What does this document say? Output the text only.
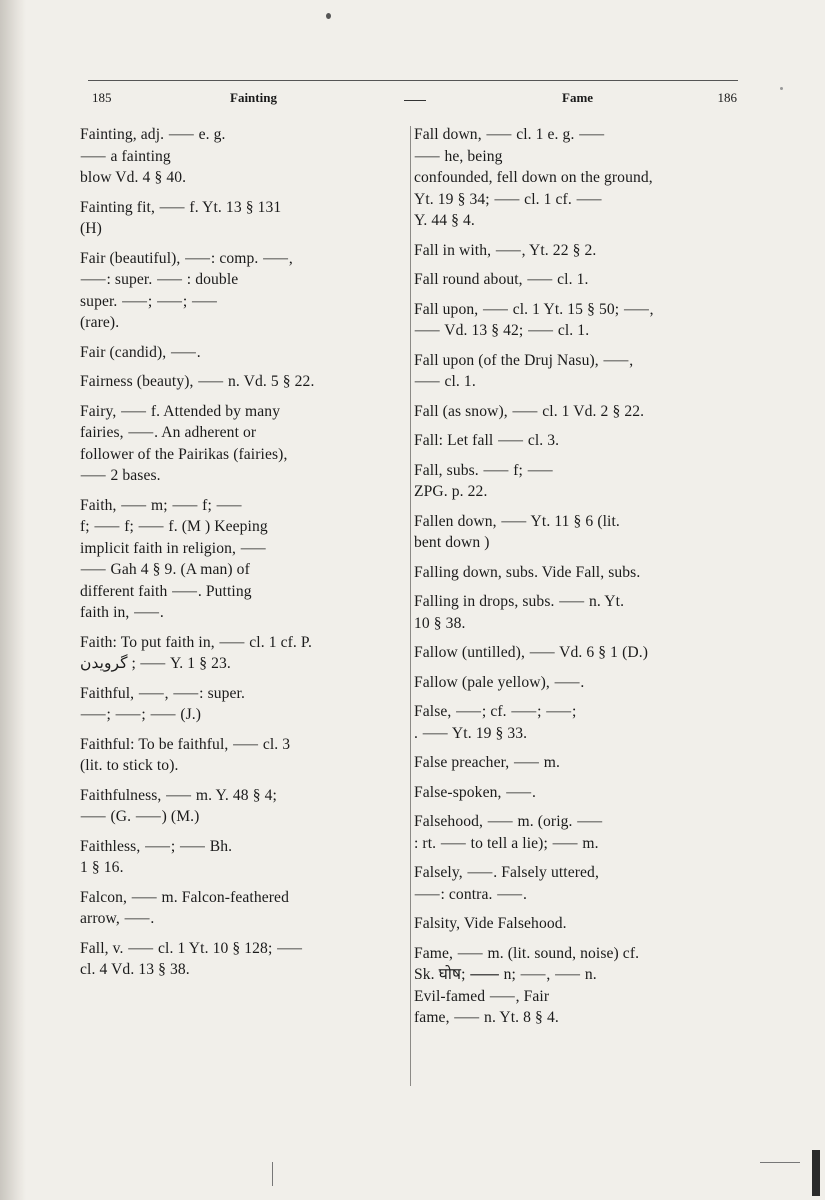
185	Fainting	Fame	186
Fainting, adj. ⸺ e. g.
⸺ a fainting
blow Vd. 4 § 40.
Fainting fit, ⸺ f. Yt. 13 § 131
(H)
Fair (beautiful), ⸺: comp. ⸺,
⸺: super. ⸺ : double
super. ⸺; ⸺; ⸺
(rare).
Fair (candid), ⸺.
Fairness (beauty), ⸺ n. Vd. 5 § 22.
Fairy, ⸺ f. Attended by many
fairies, ⸺. An adherent or
follower of the Pairikas (fairies),
⸺ 2 bases.
Faith, ⸺ m; ⸺ f; ⸺
f; ⸺ f; ⸺ f. (M ) Keeping
implicit faith in religion, ⸺
⸺ Gah 4 § 9. (A man) of
different faith ⸺. Putting
faith in, ⸺.
Faith: To put faith in, ⸺ cl. 1 cf. P.
گرویدن ; ⸺ Y. 1 § 23.
Faithful, ⸺, ⸺: super.
⸺; ⸺; ⸺ (J.)
Faithful: To be faithful, ⸺ cl. 3
(lit. to stick to).
Faithfulness, ⸺ m. Y. 48 § 4;
⸺ (G. ⸺) (M.)
Faithless, ⸺; ⸺ Bh.
1 § 16.
Falcon, ⸺ m. Falcon-feathered
arrow, ⸺.
Fall, v. ⸺ cl. 1 Yt. 10 § 128; ⸺
cl. 4 Vd. 13 § 38.
Fall down, ⸺ cl. 1 e. g. ⸺
⸺ he, being
confounded, fell down on the ground,
Yt. 19 § 34; ⸺ cl. 1 cf. ⸺
Y. 44 § 4.
Fall in with, ⸺, Yt. 22 § 2.
Fall round about, ⸺ cl. 1.
Fall upon, ⸺ cl. 1 Yt. 15 § 50; ⸺,
⸺ Vd. 13 § 42; ⸺ cl. 1.
Fall upon (of the Druj Nasu), ⸺,
⸺ cl. 1.
Fall (as snow), ⸺ cl. 1 Vd. 2 § 22.
Fall: Let fall ⸺ cl. 3.
Fall, subs. ⸺ f; ⸺
ZPG. p. 22.
Fallen down, ⸺ Yt. 11 § 6 (lit.
bent down )
Falling down, subs. Vide Fall, subs.
Falling in drops, subs. ⸺ n. Yt.
10 § 38.
Fallow (untilled), ⸺ Vd. 6 § 1 (D.)
Fallow (pale yellow), ⸺.
False, ⸺; cf. ⸺; ⸺;
. ⸺ Yt. 19 § 33.
False preacher, ⸺ m.
False-spoken, ⸺.
Falsehood, ⸺ m. (orig. ⸺
: rt. ⸺ to tell a lie); ⸺ m.
Falsely, ⸺. Falsely uttered,
⸺: contra. ⸺.
Falsity, Vide Falsehood.
Fame, ⸺ m. (lit. sound, noise) cf.
Sk. घोष; ⸺ n; ⸺, ⸺ n.
Evil-famed ⸺, Fair
fame, ⸺ n. Yt. 8 § 4.
